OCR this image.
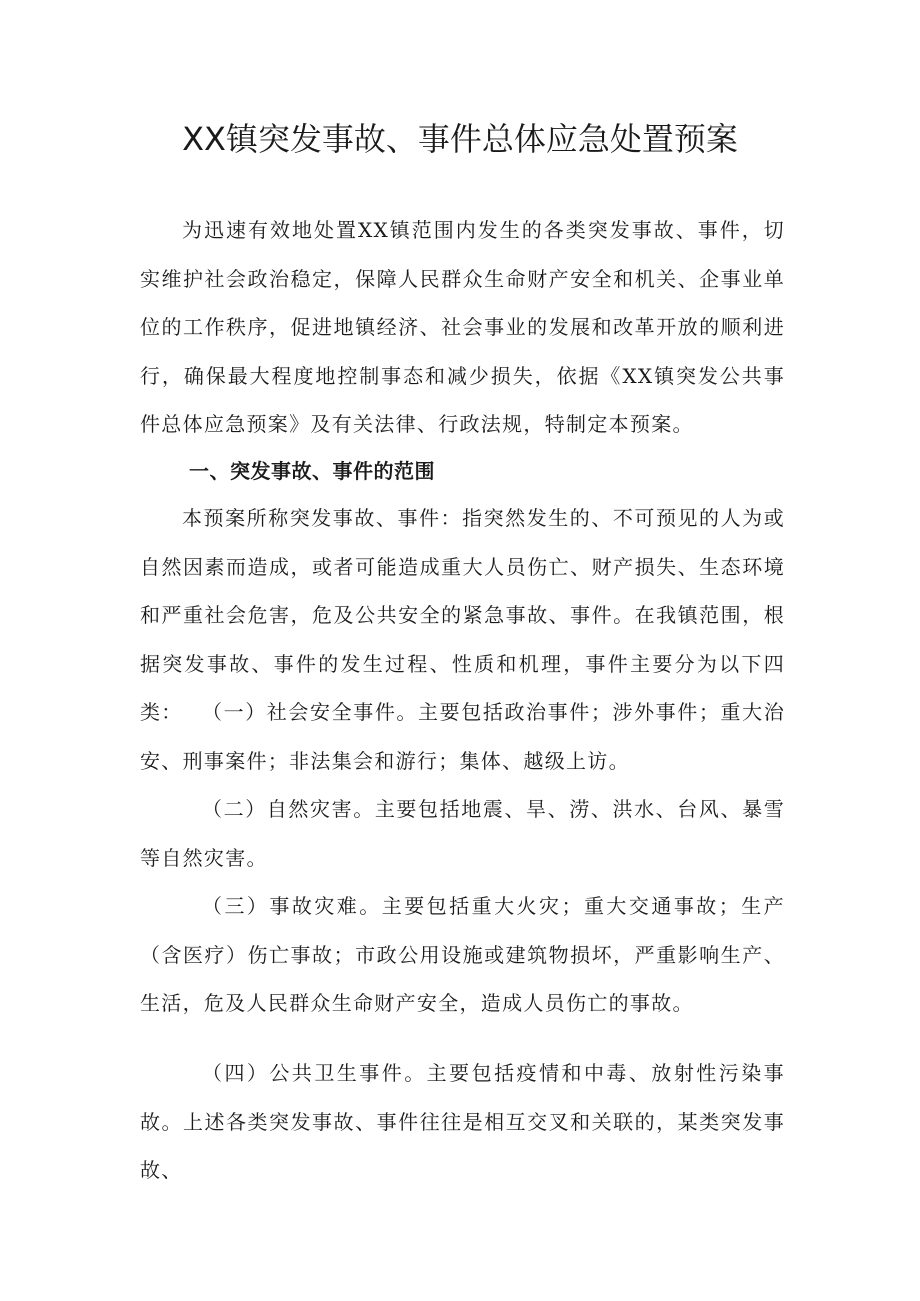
XX镇突发事故、事件总体应急处置预案

为迅速有效地处置XX镇范围内发生的各类突发事故、事件，切实维护社会政治稳定，保障人民群众生命财产安全和机关、企事业单位的工作秩序，促进地镇经济、社会事业的发展和改革开放的顺利进行，确保最大程度地控制事态和减少损失，依据《XX镇突发公共事件总体应急预案》及有关法律、行政法规，特制定本预案。

一、突发事故、事件的范围

本预案所称突发事故、事件：指突然发生的、不可预见的人为或自然因素而造成，或者可能造成重大人员伤亡、财产损失、生态环境和严重社会危害，危及公共安全的紧急事故、事件。在我镇范围，根据突发事故、事件的发生过程、性质和机理，事件主要分为以下四类： （一）社会安全事件。主要包括政治事件；涉外事件；重大治安、刑事案件；非法集会和游行；集体、越级上访。

（二）自然灾害。主要包括地震、旱、涝、洪水、台风、暴雪等自然灾害。

（三）事故灾难。主要包括重大火灾；重大交通事故；生产（含医疗）伤亡事故；市政公用设施或建筑物损坏，严重影响生产、生活，危及人民群众生命财产安全，造成人员伤亡的事故。

（四）公共卫生事件。主要包括疫情和中毒、放射性污染事故。上述各类突发事故、事件往往是相互交叉和关联的，某类突发事故、
